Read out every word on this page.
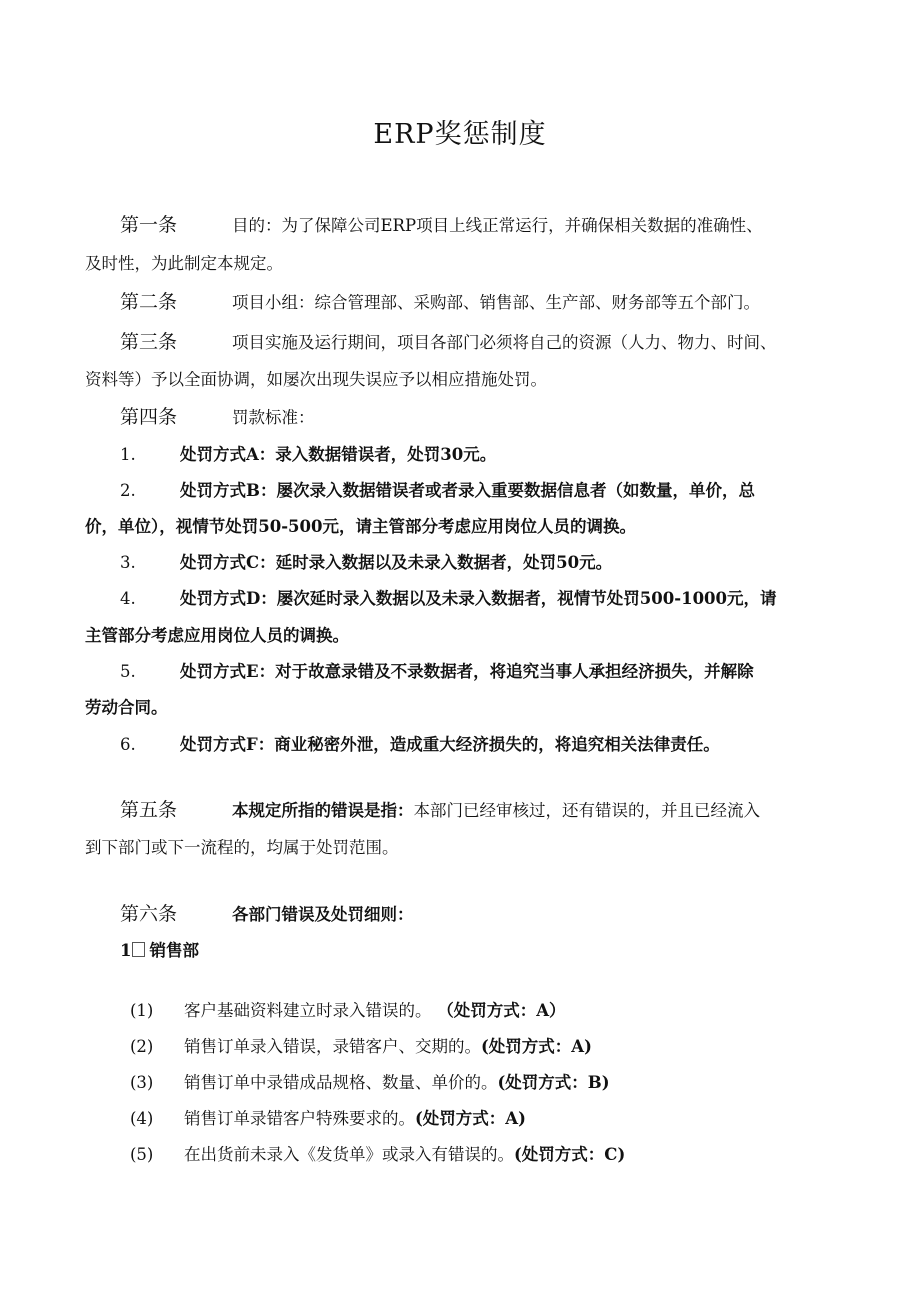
ERP奖惩制度
第一条	目的：为了保障公司ERP项目上线正常运行，并确保相关数据的准确性、
及时性，为此制定本规定。
第二条	项目小组：综合管理部、采购部、销售部、生产部、财务部等五个部门。
第三条	项目实施及运行期间，项目各部门必须将自己的资源（人力、物力、时间、
资料等）予以全面协调，如屡次出现失误应予以相应措施处罚。
第四条	罚款标准：
1.	处罚方式A：录入数据错误者，处罚30元。
2.	处罚方式B：屡次录入数据错误者或者录入重要数据信息者（如数量，单价，总
价，单位），视情节处罚50-500元，请主管部分考虑应用岗位人员的调换。
3.	处罚方式C：延时录入数据以及未录入数据者，处罚50元。
4.	处罚方式D：屡次延时录入数据以及未录入数据者，视情节处罚500-1000元，请
主管部分考虑应用岗位人员的调换。
5.	处罚方式E：对于故意录错及不录数据者，将追究当事人承担经济损失，并解除
劳动合同。
6.	处罚方式F：商业秘密外泄，造成重大经济损失的，将追究相关法律责任。
第五条	本规定所指的错误是指：本部门已经审核过，还有错误的，并且已经流入
到下部门或下一流程的，均属于处罚范围。
第六条	各部门错误及处罚细则：
1 销售部
(1) 客户基础资料建立时录入错误的。 （处罚方式：A）
(2) 销售订单录入错误，录错客户、交期的。(处罚方式：A)
(3) 销售订单中录错成品规格、数量、单价的。(处罚方式：B)
(4) 销售订单录错客户特殊要求的。(处罚方式：A)
(5) 在出货前未录入《发货单》或录入有错误的。(处罚方式：C)
